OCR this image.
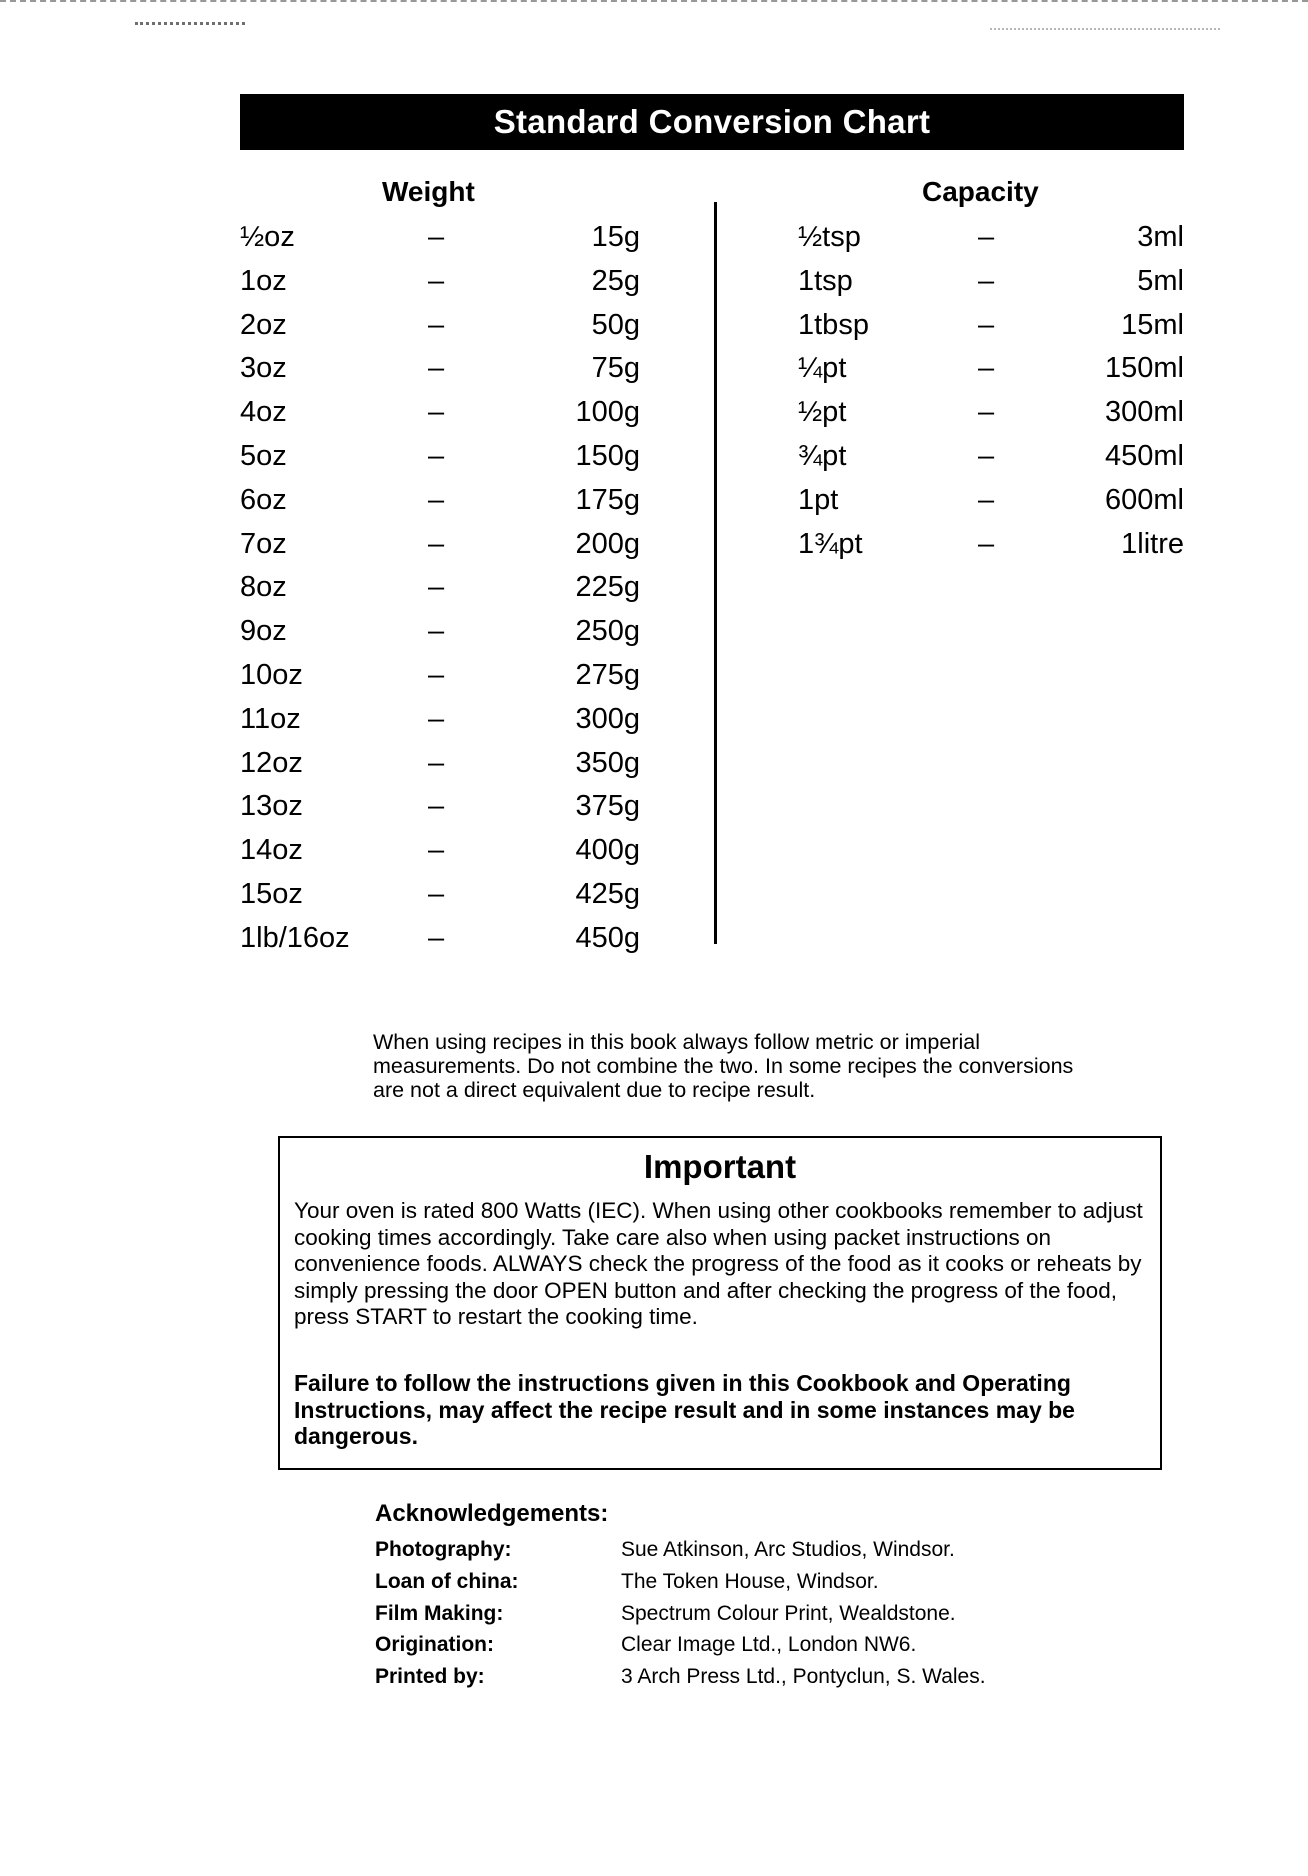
Standard Conversion Chart
Weight	Capacity
½oz	–	15g
1oz	–	25g
2oz	–	50g
3oz	–	75g
4oz	–	100g
5oz	–	150g
6oz	–	175g
7oz	–	200g
8oz	–	225g
9oz	–	250g
10oz	–	275g
11oz	–	300g
12oz	–	350g
13oz	–	375g
14oz	–	400g
15oz	–	425g
1lb/16oz	–	450g
½tsp	–	3ml
1tsp	–	5ml
1tbsp	–	15ml
¼pt	–	150ml
½pt	–	300ml
¾pt	–	450ml
1pt	–	600ml
1¾pt	–	1litre
When using recipes in this book always follow metric or imperial measurements. Do not combine the two. In some recipes the conversions are not a direct equivalent due to recipe result.
Important
Your oven is rated 800 Watts (IEC). When using other cookbooks remember to adjust cooking times accordingly. Take care also when using packet instructions on convenience foods. ALWAYS check the progress of the food as it cooks or reheats by simply pressing the door OPEN button and after checking the progress of the food, press START to restart the cooking time.
Failure to follow the instructions given in this Cookbook and Operating Instructions, may affect the recipe result and in some instances may be dangerous.
Acknowledgements:
Photography:	Sue Atkinson, Arc Studios, Windsor.
Loan of china:	The Token House, Windsor.
Film Making:	Spectrum Colour Print, Wealdstone.
Origination:	Clear Image Ltd., London NW6.
Printed by:	3 Arch Press Ltd., Pontyclun, S. Wales.
